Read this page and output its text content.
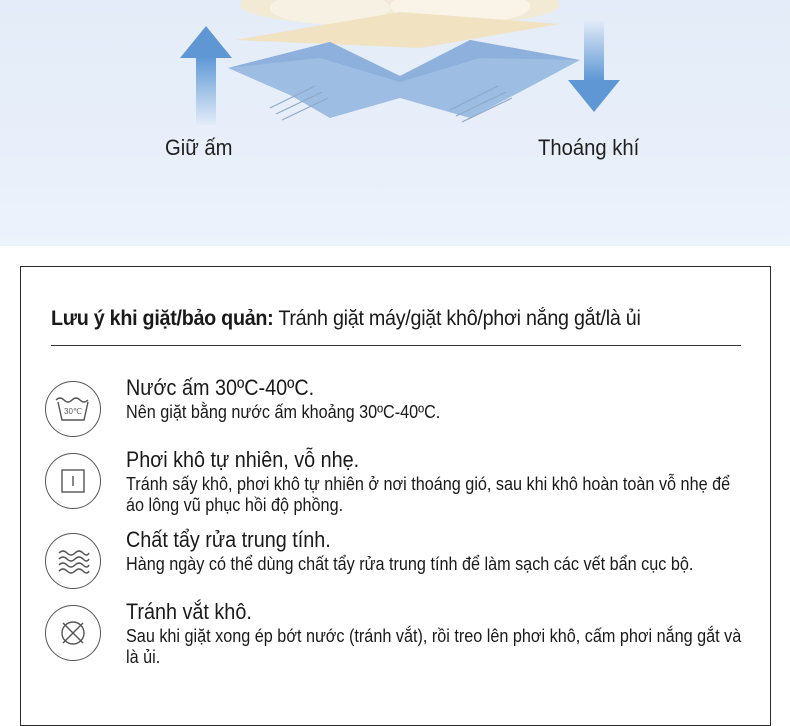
Giữ ấm	Thoáng khí
Lưu ý khi giặt/bảo quản: Tránh giặt máy/giặt khô/phơi nắng gắt/là ủi
30℃
Nước ấm 30ºC-40ºC.
Nên giặt bằng nước ấm khoảng 30ºC-40ºC.
Phơi khô tự nhiên, vỗ nhẹ.
Tránh sấy khô, phơi khô tự nhiên ở nơi thoáng gió, sau khi khô hoàn toàn vỗ nhẹ để áo lông vũ phục hồi độ phồng.
Chất tẩy rửa trung tính.
Hàng ngày có thể dùng chất tẩy rửa trung tính để làm sạch các vết bẩn cục bộ.
Tránh vắt khô.
Sau khi giặt xong ép bớt nước (tránh vắt), rồi treo lên phơi khô, cấm phơi nắng gắt và là ủi.
